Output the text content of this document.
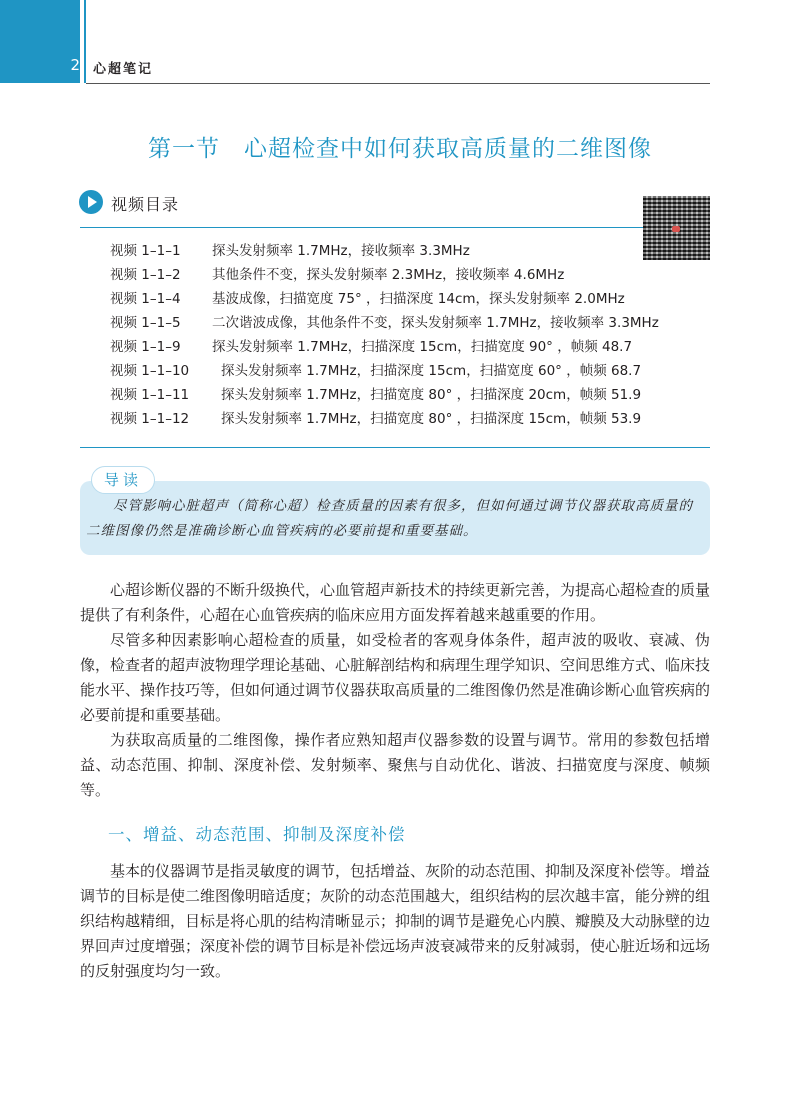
2 心超笔记
第一节　心超检查中如何获取高质量的二维图像
视频目录
视频 1–1–1 探头发射频率 1.7MHz，接收频率 3.3MHz
视频 1–1–2 其他条件不变，探头发射频率 2.3MHz，接收频率 4.6MHz
视频 1–1–4 基波成像，扫描宽度 75° ，扫描深度 14cm，探头发射频率 2.0MHz
视频 1–1–5 二次谐波成像，其他条件不变，探头发射频率 1.7MHz，接收频率 3.3MHz
视频 1–1–9 探头发射频率 1.7MHz，扫描深度 15cm，扫描宽度 90° ，帧频 48.7
视频 1–1–10 探头发射频率 1.7MHz，扫描深度 15cm，扫描宽度 60° ，帧频 68.7
视频 1–1–11 探头发射频率 1.7MHz，扫描宽度 80° ，扫描深度 20cm，帧频 51.9
视频 1–1–12 探头发射频率 1.7MHz，扫描宽度 80° ，扫描深度 15cm，帧频 53.9
导读
尽管影响心脏超声（简称心超）检查质量的因素有很多，但如何通过调节仪器获取高质量的二维图像仍然是准确诊断心血管疾病的必要前提和重要基础。

心超诊断仪器的不断升级换代，心血管超声新技术的持续更新完善，为提高心超检查的质量提供了有利条件，心超在心血管疾病的临床应用方面发挥着越来越重要的作用。

尽管多种因素影响心超检查的质量，如受检者的客观身体条件，超声波的吸收、衰减、伪像，检查者的超声波物理学理论基础、心脏解剖结构和病理生理学知识、空间思维方式、临床技能水平、操作技巧等，但如何通过调节仪器获取高质量的二维图像仍然是准确诊断心血管疾病的必要前提和重要基础。

为获取高质量的二维图像，操作者应熟知超声仪器参数的设置与调节。常用的参数包括增益、动态范围、抑制、深度补偿、发射频率、聚焦与自动优化、谐波、扫描宽度与深度、帧频等。

一、增益、动态范围、抑制及深度补偿

基本的仪器调节是指灵敏度的调节，包括增益、灰阶的动态范围、抑制及深度补偿等。增益调节的目标是使二维图像明暗适度；灰阶的动态范围越大，组织结构的层次越丰富，能分辨的组织结构越精细，目标是将心肌的结构清晰显示；抑制的调节是避免心内膜、瓣膜及大动脉壁的边界回声过度增强；深度补偿的调节目标是补偿远场声波衰减带来的反射减弱，使心脏近场和远场的反射强度均匀一致。
